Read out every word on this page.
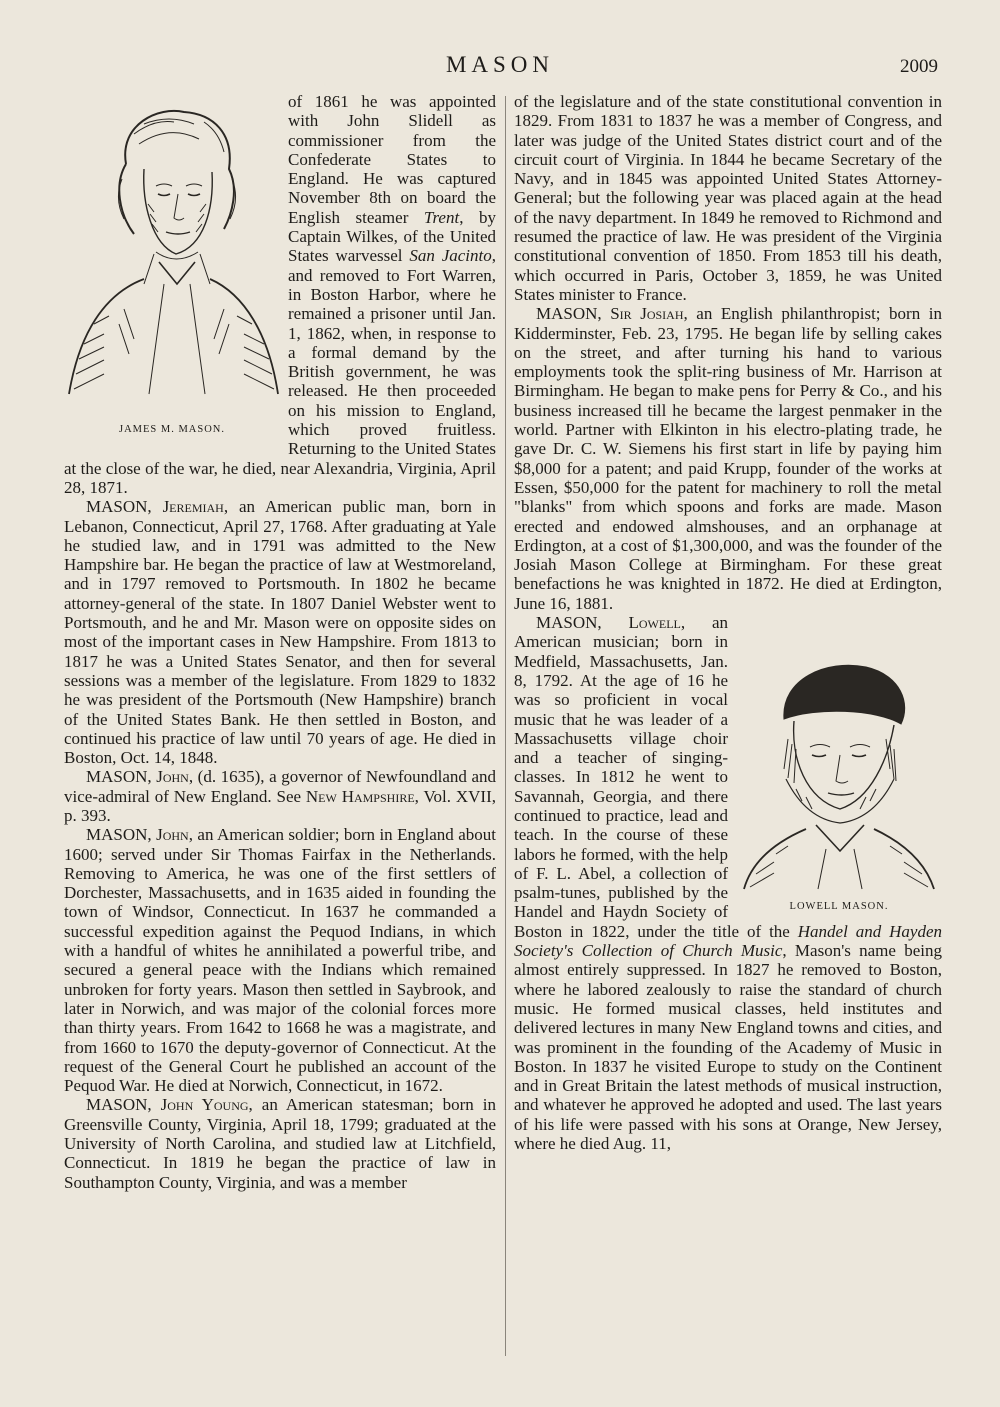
MASON	2009
JAMES M. MASON.

of 1861 he was appointed with John Slidell as commissioner from the Confederate States to England. He was captured November 8th on board the English steamer Trent, by Captain Wilkes, of the United States warvessel San Jacinto, and removed to Fort Warren, in Boston Harbor, where he remained a prisoner until Jan. 1, 1862, when, in response to a formal demand by the British government, he was released. He then proceeded on his mission to England, which proved fruitless. Returning to the United States at the close of the war, he died, near Alexandria, Virginia, April 28, 1871.

MASON, Jeremiah, an American public man, born in Lebanon, Connecticut, April 27, 1768. After graduating at Yale he studied law, and in 1791 was admitted to the New Hampshire bar. He began the practice of law at Westmoreland, and in 1797 removed to Portsmouth. In 1802 he became attorney-general of the state. In 1807 Daniel Webster went to Portsmouth, and he and Mr. Mason were on opposite sides on most of the important cases in New Hampshire. From 1813 to 1817 he was a United States Senator, and then for several sessions was a member of the legislature. From 1829 to 1832 he was president of the Portsmouth (New Hampshire) branch of the United States Bank. He then settled in Boston, and continued his practice of law until 70 years of age. He died in Boston, Oct. 14, 1848.

MASON, John, (d. 1635), a governor of Newfoundland and vice-admiral of New England. See New Hampshire, Vol. XVII, p. 393.

MASON, John, an American soldier; born in England about 1600; served under Sir Thomas Fairfax in the Netherlands. Removing to America, he was one of the first settlers of Dorchester, Massachusetts, and in 1635 aided in founding the town of Windsor, Connecticut. In 1637 he commanded a successful expedition against the Pequod Indians, in which with a handful of whites he annihilated a powerful tribe, and secured a general peace with the Indians which remained unbroken for forty years. Mason then settled in Saybrook, and later in Norwich, and was major of the colonial forces more than thirty years. From 1642 to 1668 he was a magistrate, and from 1660 to 1670 the deputy-governor of Connecticut. At the request of the General Court he published an account of the Pequod War. He died at Norwich, Connecticut, in 1672.

MASON, John Young, an American statesman; born in Greensville County, Virginia, April 18, 1799; graduated at the University of North Carolina, and studied law at Litchfield, Connecticut. In 1819 he began the practice of law in Southampton County, Virginia, and was a member

of the legislature and of the state constitutional convention in 1829. From 1831 to 1837 he was a member of Congress, and later was judge of the United States district court and of the circuit court of Virginia. In 1844 he became Secretary of the Navy, and in 1845 was appointed United States Attorney-General; but the following year was placed again at the head of the navy department. In 1849 he removed to Richmond and resumed the practice of law. He was president of the Virginia constitutional convention of 1850. From 1853 till his death, which occurred in Paris, October 3, 1859, he was United States minister to France.

MASON, Sir Josiah, an English philanthropist; born in Kidderminster, Feb. 23, 1795. He began life by selling cakes on the street, and after turning his hand to various employments took the split-ring business of Mr. Harrison at Birmingham. He began to make pens for Perry & Co., and his business increased till he became the largest penmaker in the world. Partner with Elkinton in his electro-plating trade, he gave Dr. C. W. Siemens his first start in life by paying him $8,000 for a patent; and paid Krupp, founder of the works at Essen, $50,000 for the patent for machinery to roll the metal "blanks" from which spoons and forks are made. Mason erected and endowed almshouses, and an orphanage at Erdington, at a cost of $1,300,000, and was the founder of the Josiah Mason College at Birmingham. For these great benefactions he was knighted in 1872. He died at Erdington, June 16, 1881.

MASON, Lowell
LOWELL MASON.
, an American musician; born in Medfield, Massachusetts, Jan. 8, 1792. At the age of 16 he was so proficient in vocal music that he was leader of a Massachusetts village choir and a teacher of singing-classes. In 1812 he went to Savannah, Georgia, and there continued to practice, lead and teach. In the course of these labors he formed, with the help of F. L. Abel, a collection of psalm-tunes, published by the Handel and Haydn Society of Boston in 1822, under the title of the Handel and Hayden Society's Collection of Church Music, Mason's name being almost entirely suppressed. In 1827 he removed to Boston, where he labored zealously to raise the standard of church music. He formed musical classes, held institutes and delivered lectures in many New England towns and cities, and was prominent in the founding of the Academy of Music in Boston. In 1837 he visited Europe to study on the Continent and in Great Britain the latest methods of musical instruction, and whatever he approved he adopted and used. The last years of his life were passed with his sons at Orange, New Jersey, where he died Aug. 11,
